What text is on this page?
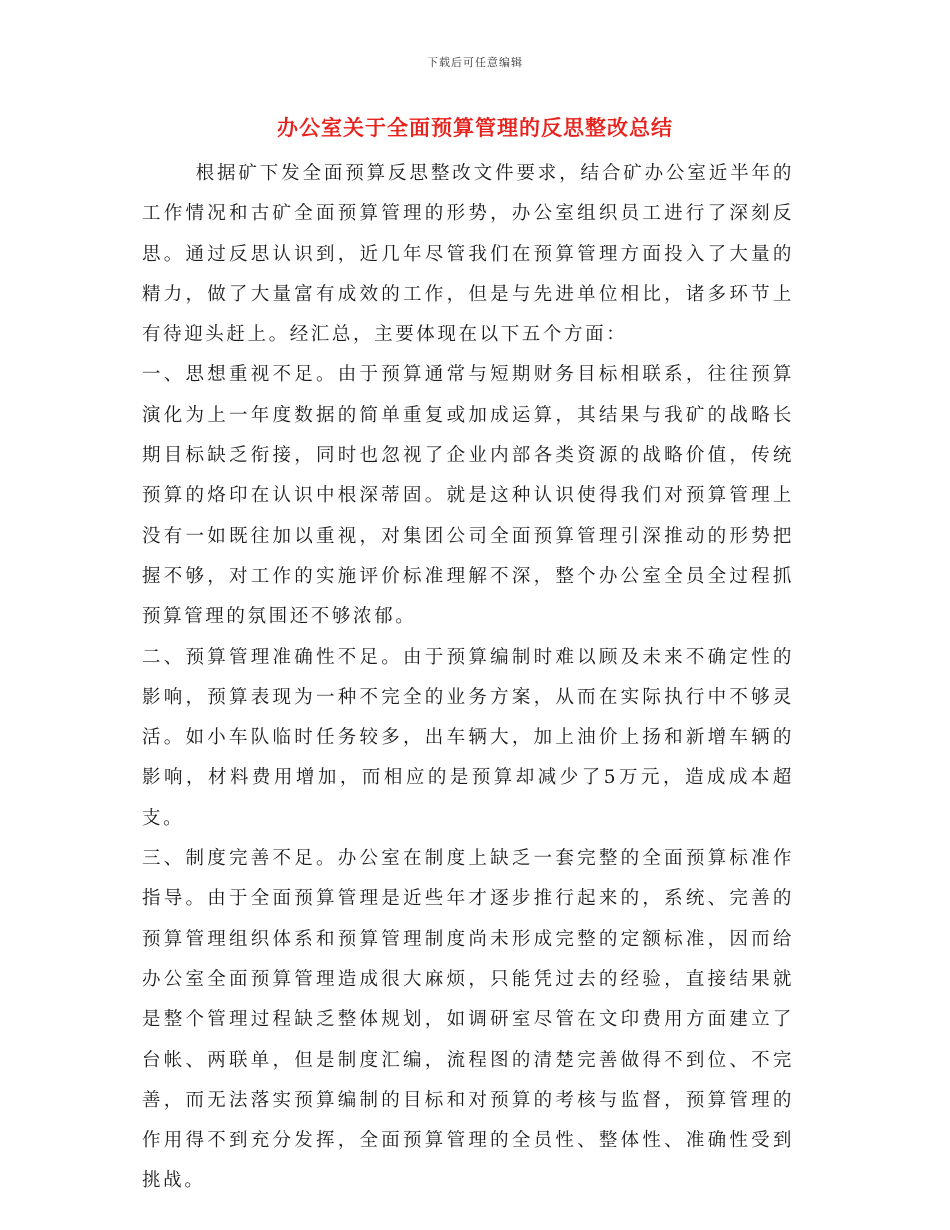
下载后可任意编辑
办公室关于全面预算管理的反思整改总结

根据矿下发全面预算反思整改文件要求，结合矿办公室近半年的工作情况和古矿全面预算管理的形势，办公室组织员工进行了深刻反思。通过反思认识到，近几年尽管我们在预算管理方面投入了大量的精力，做了大量富有成效的工作，但是与先进单位相比，诸多环节上有待迎头赶上。经汇总，主要体现在以下五个方面：

一、思想重视不足。由于预算通常与短期财务目标相联系，往往预算演化为上一年度数据的简单重复或加成运算，其结果与我矿的战略长期目标缺乏衔接，同时也忽视了企业内部各类资源的战略价值，传统预算的烙印在认识中根深蒂固。就是这种认识使得我们对预算管理上没有一如既往加以重视，对集团公司全面预算管理引深推动的形势把握不够，对工作的实施评价标准理解不深，整个办公室全员全过程抓预算管理的氛围还不够浓郁。

二、预算管理准确性不足。由于预算编制时难以顾及未来不确定性的影响，预算表现为一种不完全的业务方案，从而在实际执行中不够灵活。如小车队临时任务较多，出车辆大，加上油价上扬和新增车辆的影响，材料费用增加，而相应的是预算却减少了5万元，造成成本超支。

三、制度完善不足。办公室在制度上缺乏一套完整的全面预算标准作指导。由于全面预算管理是近些年才逐步推行起来的，系统、完善的预算管理组织体系和预算管理制度尚未形成完整的定额标准，因而给办公室全面预算管理造成很大麻烦，只能凭过去的经验，直接结果就是整个管理过程缺乏整体规划，如调研室尽管在文印费用方面建立了台帐、两联单，但是制度汇编，流程图的清楚完善做得不到位、不完善，而无法落实预算编制的目标和对预算的考核与监督，预算管理的作用得不到充分发挥，全面预算管理的全员性、整体性、准确性受到挑战。
